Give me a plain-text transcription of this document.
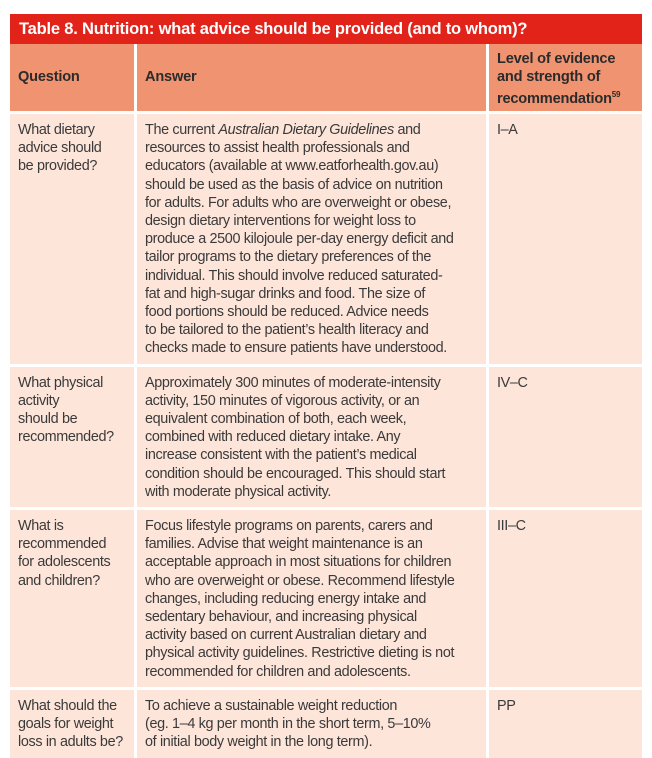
Table 8. Nutrition: what advice should be provided (and to whom)?
Question	Answer
Level of evidence
and strength of
recommendation$^{59}$
What dietary
advice should
be provided?
The current Australian Dietary Guidelines and
resources to assist health professionals and
educators (available at www.eatforhealth.gov.au)
should be used as the basis of advice on nutrition
for adults. For adults who are overweight or obese,
design dietary interventions for weight loss to
produce a 2500 kilojoule per-day energy deficit and
tailor programs to the dietary preferences of the
individual. This should involve reduced saturated-
fat and high-sugar drinks and food. The size of
food portions should be reduced. Advice needs
to be tailored to the patient’s health literacy and
checks made to ensure patients have understood.
I–A
What physical
activity
should be
recommended?
Approximately 300 minutes of moderate-intensity
activity, 150 minutes of vigorous activity, or an
equivalent combination of both, each week,
combined with reduced dietary intake. Any
increase consistent with the patient’s medical
condition should be encouraged. This should start
with moderate physical activity.
IV–C
What is
recommended
for adolescents
and children?
Focus lifestyle programs on parents, carers and
families. Advise that weight maintenance is an
acceptable approach in most situations for children
who are overweight or obese. Recommend lifestyle
changes, including reducing energy intake and
sedentary behaviour, and increasing physical
activity based on current Australian dietary and
physical activity guidelines. Restrictive dieting is not
recommended for children and adolescents.
III–C
What should the
goals for weight
loss in adults be?
To achieve a sustainable weight reduction
(eg. 1–4 kg per month in the short term, 5–10%
of initial body weight in the long term).
PP
